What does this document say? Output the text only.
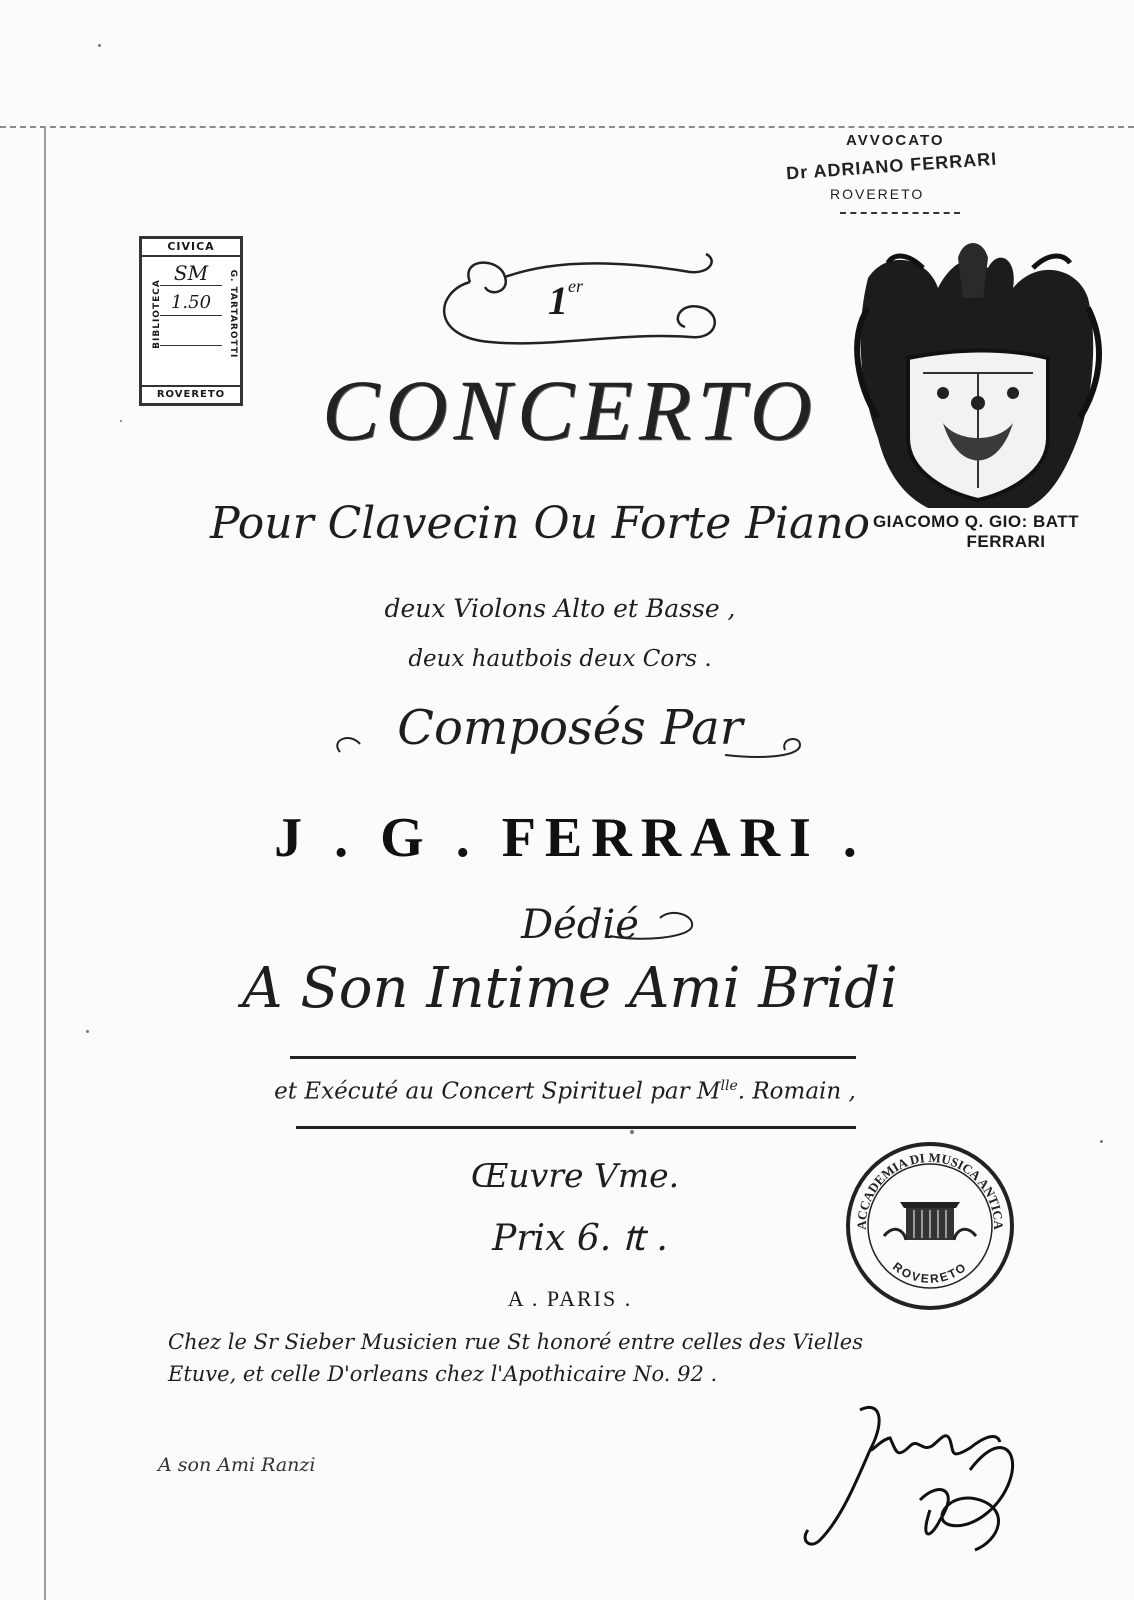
CIVICA
BIBLIOTECA	G. TARTAROTTI
SM
1.50
ROVERETO
AVVOCATO
Dr ADRIANO FERRARI
ROVERETO
GIACOMO Q. GIO: BATT
FERRARI
1er
CONCERTO
Pour Clavecin Ou Forte Piano
deux Violons Alto et Basse ,
deux hautbois deux Cors .
Composés Par
J . G . FERRARI .
Dédié
A Son Intime Ami Bridi
et Exécuté au Concert Spirituel par $M^{lle}$. Romain ,
Œuvre Vme.
Prix 6. ₶ .
A . PARIS .
Chez le Sr Sieber Musicien rue St honoré entre celles des Vielles
Etuve, et celle D'orleans chez l'Apothicaire No. 92 .
A son Ami Ranzi
ACCADEMIA DI MUSICA ANTICA
ROVERETO
